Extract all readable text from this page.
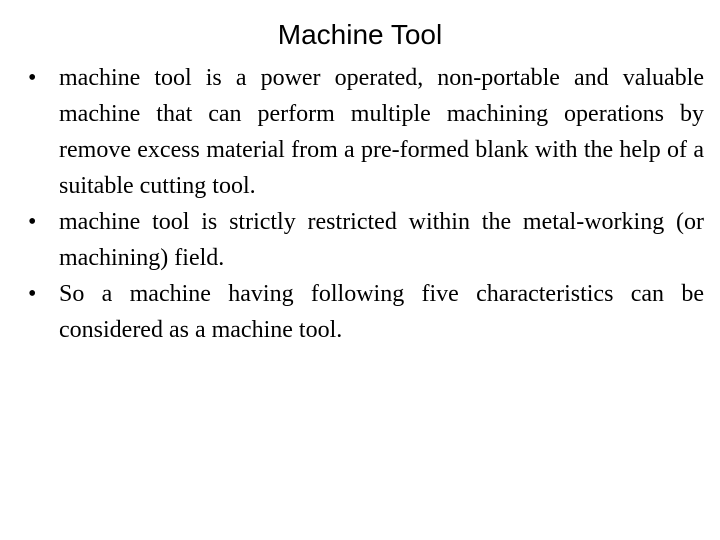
Machine Tool
• machine tool is a power operated, non-portable and valuable machine that can perform multiple machining operations by remove excess material from a pre-formed blank with the help of a suitable cutting tool.
• machine tool is strictly restricted within the metal-working (or machining) field.
• So a machine having following five characteristics can be considered as a machine tool.
